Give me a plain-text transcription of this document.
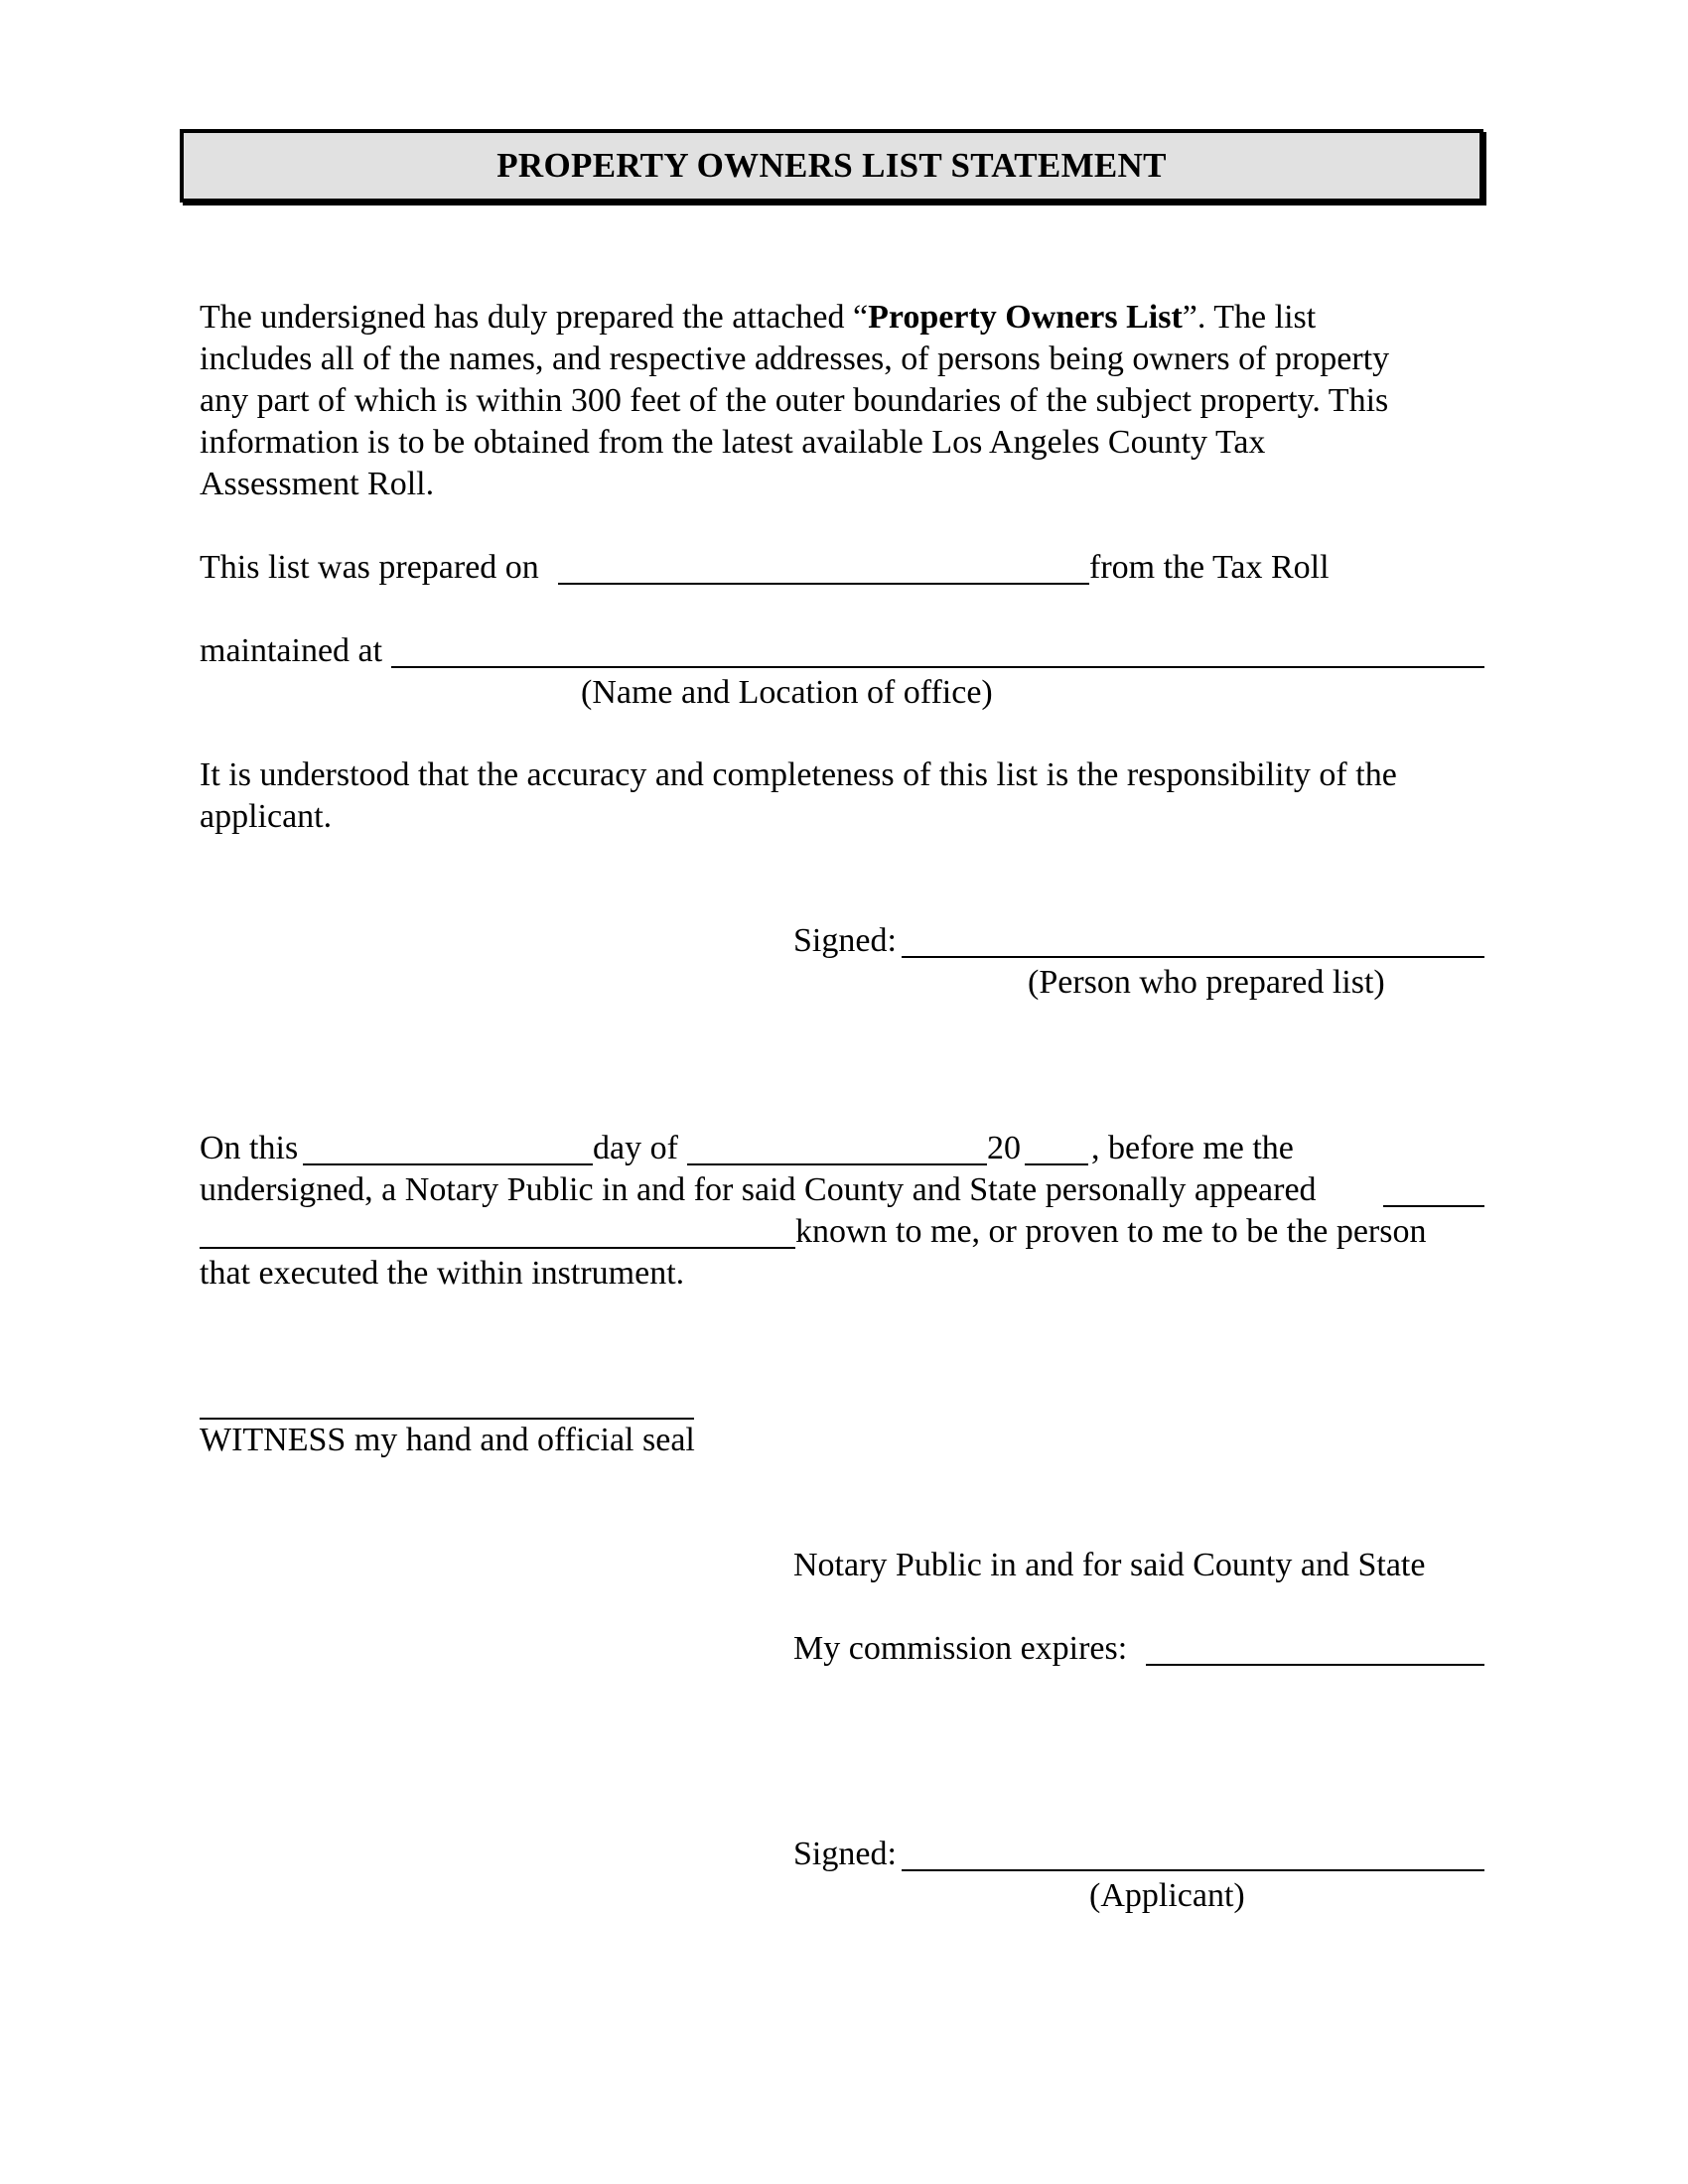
PROPERTY OWNERS LIST STATEMENT
The undersigned has duly prepared the attached “Property Owners List”. The list
includes all of the names, and respective addresses, of persons being owners of property
any part of which is within 300 feet of the outer boundaries of the subject property. This
information is to be obtained from the latest available Los Angeles County Tax
Assessment Roll.
This list was prepared on	from the Tax Roll
maintained at
(Name and Location of office)
It is understood that the accuracy and completeness of this list is the responsibility of the
applicant.
Signed:
(Person who prepared list)
On this	day of	20 , before me the
undersigned, a Notary Public in and for said County and State personally appeared
known to me, or proven to me to be the person
that executed the within instrument.
WITNESS my hand and official seal
Notary Public in and for said County and State
My commission expires:
Signed:
(Applicant)
